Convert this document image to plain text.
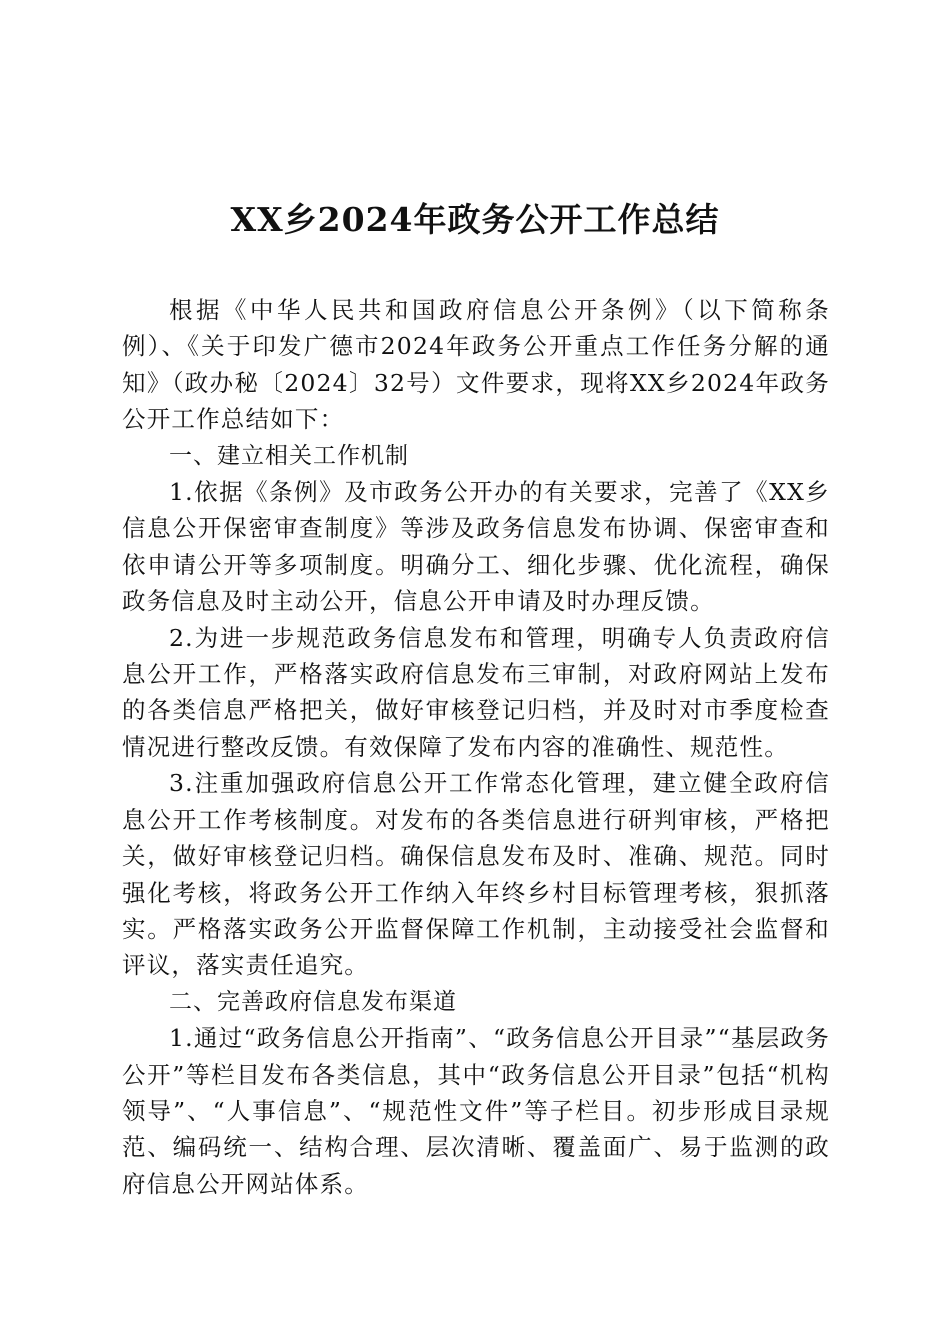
XX乡2024年政务公开工作总结

根据《中华人民共和国政府信息公开条例》（以下简称条例）、《关于印发广德市2024年政务公开重点工作任务分解的通知》（政办秘〔2024〕32号）文件要求，现将XX乡2024年政务公开工作总结如下：

一、建立相关工作机制

1.依据《条例》及市政务公开办的有关要求，完善了《XX乡信息公开保密审查制度》等涉及政务信息发布协调、保密审查和依申请公开等多项制度。明确分工、细化步骤、优化流程，确保政务信息及时主动公开，信息公开申请及时办理反馈。

2.为进一步规范政务信息发布和管理，明确专人负责政府信息公开工作，严格落实政府信息发布三审制，对政府网站上发布的各类信息严格把关，做好审核登记归档，并及时对市季度检查情况进行整改反馈。有效保障了发布内容的准确性、规范性。

3.注重加强政府信息公开工作常态化管理，建立健全政府信息公开工作考核制度。对发布的各类信息进行研判审核，严格把关，做好审核登记归档。确保信息发布及时、准确、规范。同时强化考核，将政务公开工作纳入年终乡村目标管理考核，狠抓落实。严格落实政务公开监督保障工作机制，主动接受社会监督和评议，落实责任追究。

二、完善政府信息发布渠道

1.通过“政务信息公开指南”、“政务信息公开目录”“基层政务公开”等栏目发布各类信息，其中“政务信息公开目录”包括“机构领导”、“人事信息”、“规范性文件”等子栏目。初步形成目录规范、编码统一、结构合理、层次清晰、覆盖面广、易于监测的政府信息公开网站体系。
